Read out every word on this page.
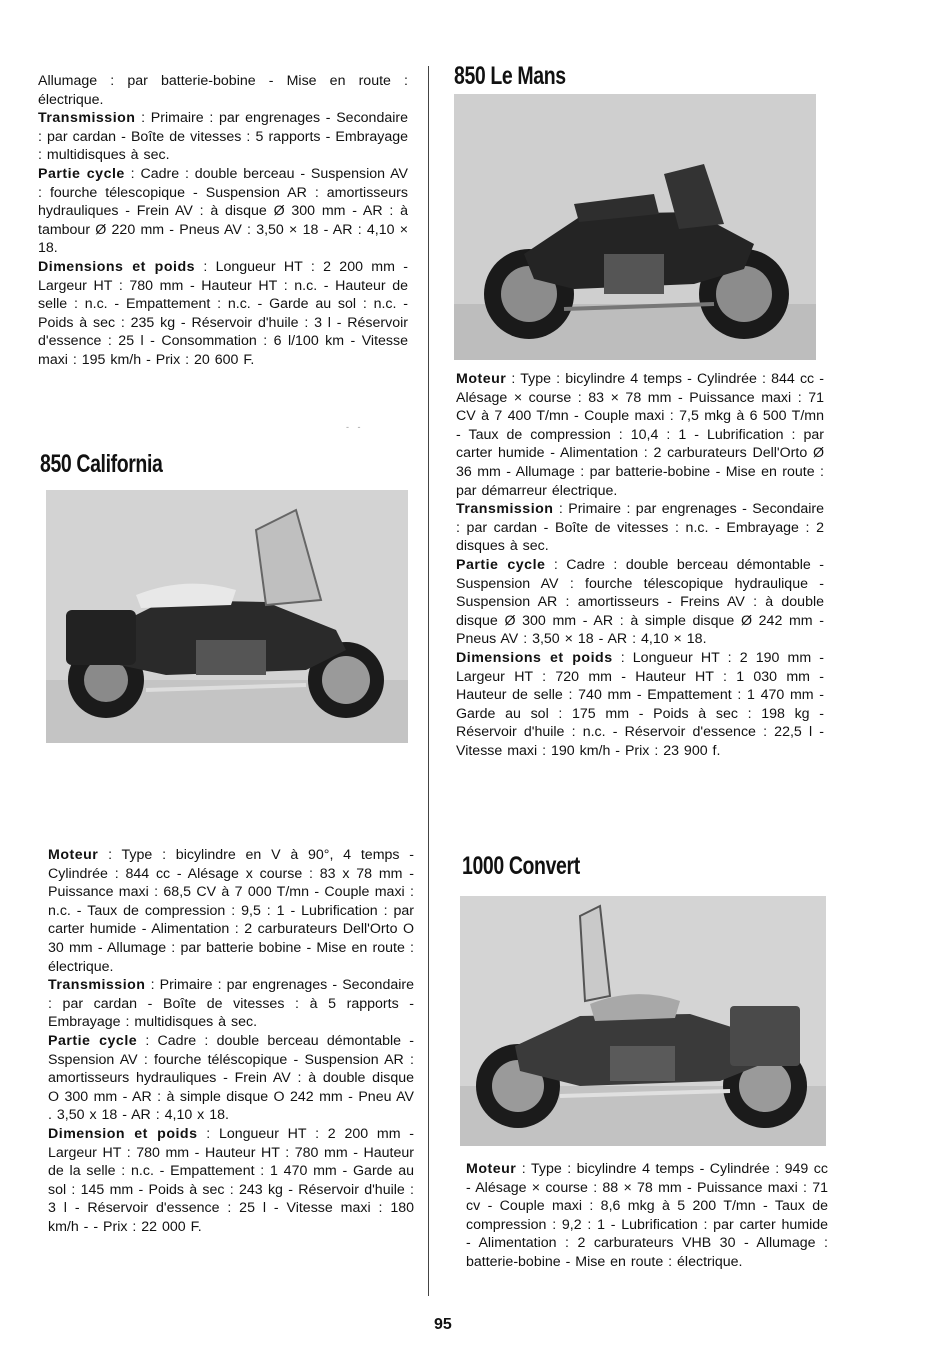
Allumage : par batterie-bobine - Mise en route : électrique.

Transmission : Primaire : par engrenages - Secondaire : par cardan - Boîte de vitesses : 5 rapports - Embrayage : multidisques à sec.

Partie cycle : Cadre : double berceau - Suspension AV : fourche télescopique - Suspension AR : amortisseurs hydrauliques - Frein AV : à disque Ø 300 mm - AR : à tambour Ø 220 mm - Pneus AV : 3,50 × 18 - AR : 4,10 × 18.

Dimensions et poids : Longueur HT : 2 200 mm - Largeur HT : 780 mm - Hauteur HT : n.c. - Hauteur de selle : n.c. - Empattement : n.c. - Garde au sol : n.c. - Poids à sec : 235 kg - Réservoir d'huile : 3 l - Réservoir d'essence : 25 l - Consommation : 6 l/100 km - Vitesse maxi : 195 km/h - Prix : 20 600 F.

850 California

Moteur : Type : bicylindre en V à 90°, 4 temps - Cylindrée : 844 cc - Alésage x course : 83 x 78 mm - Puissance maxi : 68,5 CV à 7 000 T/mn - Couple maxi : n.c. - Taux de compression : 9,5 : 1 - Lubrification : par carter humide - Alimentation : 2 carburateurs Dell'Orto O 30 mm - Allumage : par batterie bobine - Mise en route : électrique.

Transmission : Primaire : par engrenages - Secondaire : par cardan - Boîte de vitesses : à 5 rapports - Embrayage : multidisques à sec.

Partie cycle : Cadre : double berceau démontable - Sspension AV : fourche téléscopique - Suspension AR : amortisseurs hydrauliques - Frein AV : à double disque O 300 mm - AR : à simple disque O 242 mm - Pneu AV . 3,50 x 18 - AR : 4,10 x 18.

Dimension et poids : Longueur HT : 2 200 mm - Largeur HT : 780 mm - Hauteur HT : 780 mm - Hauteur de la selle : n.c. - Empattement : 1 470 mm - Garde au sol : 145 mm - Poids à sec : 243 kg - Réservoir d'huile : 3 l - Réservoir d'essence : 25 l - Vitesse maxi : 180 km/h - - Prix : 22 000 F.

- -
850 Le Mans

Moteur : Type : bicylindre 4 temps - Cylindrée : 844 cc - Alésage × course : 83 × 78 mm - Puissance maxi : 71 CV à 7 400 T/mn - Couple maxi : 7,5 mkg à 6 500 T/mn - Taux de compression : 10,4 : 1 - Lubrification : par carter humide - Alimentation : 2 carburateurs Dell'Orto Ø 36 mm - Allumage : par batterie-bobine - Mise en route : par démarreur électrique.

Transmission : Primaire : par engrenages - Secondaire : par cardan - Boîte de vitesses : n.c. - Embrayage : 2 disques à sec.

Partie cycle : Cadre : double berceau démontable - Suspension AV : fourche télescopique hydraulique - Suspension AR : amortisseurs - Freins AV : à double disque Ø 300 mm - AR : à simple disque Ø 242 mm - Pneus AV : 3,50 × 18 - AR : 4,10 × 18.

Dimensions et poids : Longueur HT : 2 190 mm - Largeur HT : 720 mm - Hauteur HT : 1 030 mm - Hauteur de selle : 740 mm - Empattement : 1 470 mm - Garde au sol : 175 mm - Poids à sec : 198 kg - Réservoir d'huile : n.c. - Réservoir d'essence : 22,5 l - Vitesse maxi : 190 km/h - Prix : 23 900 f.

1000 Convert

Moteur : Type : bicylindre 4 temps - Cylindrée : 949 cc - Alésage × course : 88 × 78 mm - Puissance maxi : 71 cv - Couple maxi : 8,6 mkg à 5 200 T/mn - Taux de compression : 9,2 : 1 - Lubrification : par carter humide - Alimentation : 2 carburateurs VHB 30 - Allumage : batterie-bobine - Mise en route : électrique.

95
